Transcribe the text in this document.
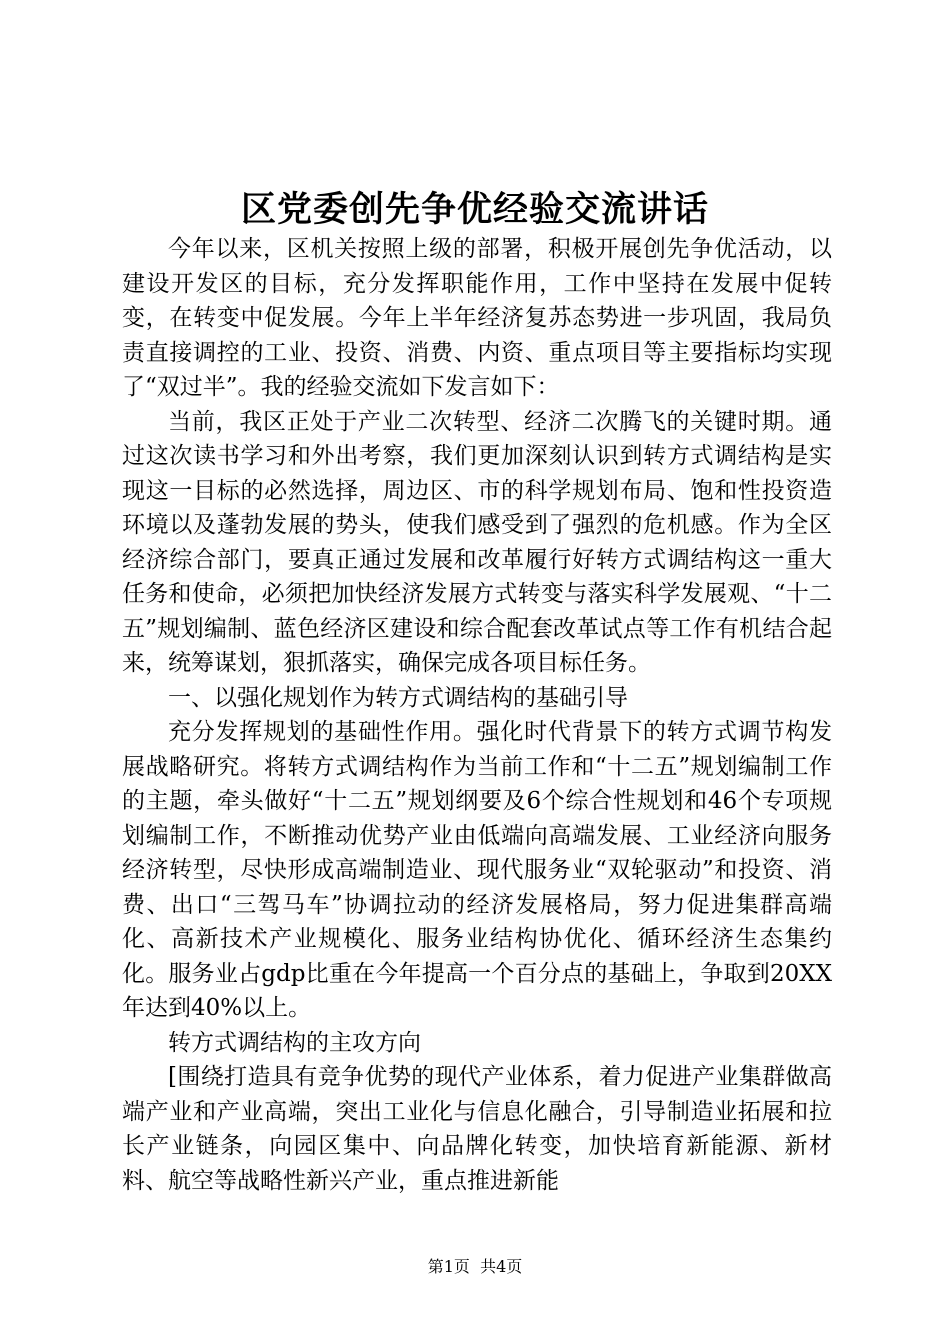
区党委创先争优经验交流讲话

今年以来，区机关按照上级的部署，积极开展创先争优活动，以建设开发区的目标，充分发挥职能作用，工作中坚持在发展中促转变，在转变中促发展。今年上半年经济复苏态势进一步巩固，我局负责直接调控的工业、投资、消费、内资、重点项目等主要指标均实现了“双过半”。我的经验交流如下发言如下：

当前，我区正处于产业二次转型、经济二次腾飞的关键时期。通过这次读书学习和外出考察，我们更加深刻认识到转方式调结构是实现这一目标的必然选择，周边区、市的科学规划布局、饱和性投资造环境以及蓬勃发展的势头，使我们感受到了强烈的危机感。作为全区经济综合部门，要真正通过发展和改革履行好转方式调结构这一重大任务和使命，必须把加快经济发展方式转变与落实科学发展观、“十二五”规划编制、蓝色经济区建设和综合配套改革试点等工作有机结合起来，统筹谋划，狠抓落实，确保完成各项目标任务。

一、以强化规划作为转方式调结构的基础引导

充分发挥规划的基础性作用。强化时代背景下的转方式调节构发展战略研究。将转方式调结构作为当前工作和“十二五”规划编制工作的主题，牵头做好“十二五”规划纲要及6个综合性规划和46个专项规划编制工作，不断推动优势产业由低端向高端发展、工业经济向服务经济转型，尽快形成高端制造业、现代服务业“双轮驱动”和投资、消费、出口“三驾马车”协调拉动的经济发展格局，努力促进集群高端化、高新技术产业规模化、服务业结构协优化、循环经济生态集约化。服务业占gdp比重在今年提高一个百分点的基础上，争取到20XX年达到40%以上。

转方式调结构的主攻方向

[围绕打造具有竞争优势的现代产业体系，着力促进产业集群做高端产业和产业高端，突出工业化与信息化融合，引导制造业拓展和拉长产业链条，向园区集中、向品牌化转变，加快培育新能源、新材料、航空等战略性新兴产业，重点推进新能

第1页 共4页
